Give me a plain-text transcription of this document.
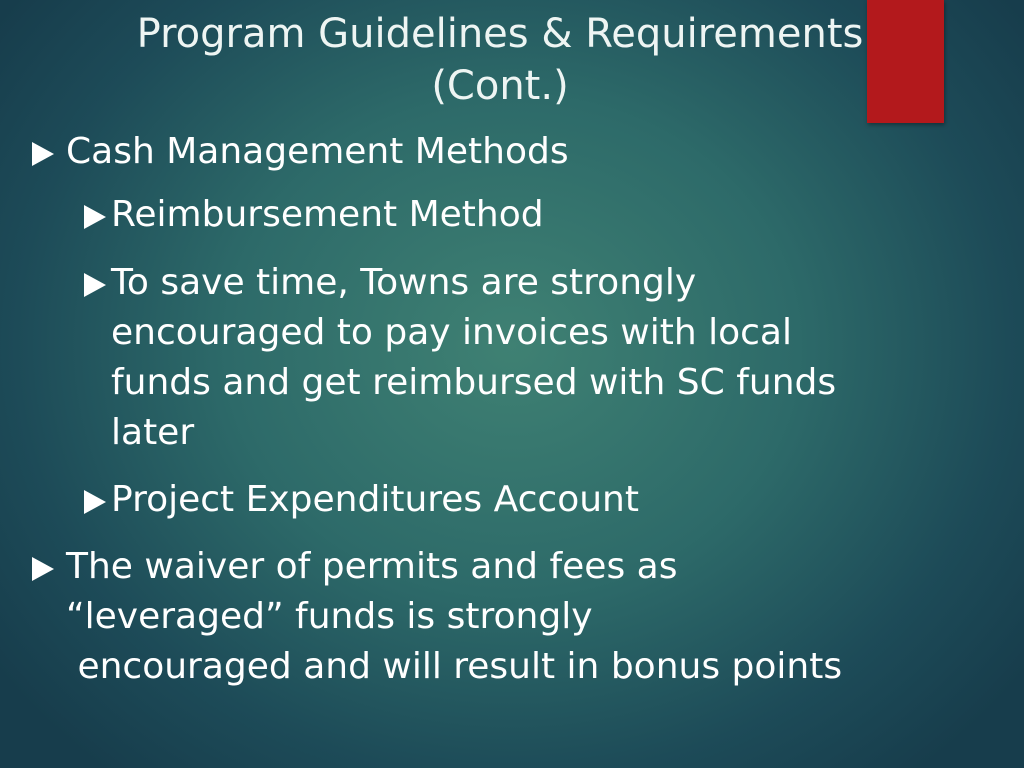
Program Guidelines & Requirements
(Cont.)
Cash Management Methods
Reimbursement Method
To save time, Towns are strongly
encouraged to pay invoices with local
funds and get reimbursed with SC funds
later
Project Expenditures Account
The waiver of permits and fees as
“leveraged” funds is strongly
encouraged and will result in bonus points
